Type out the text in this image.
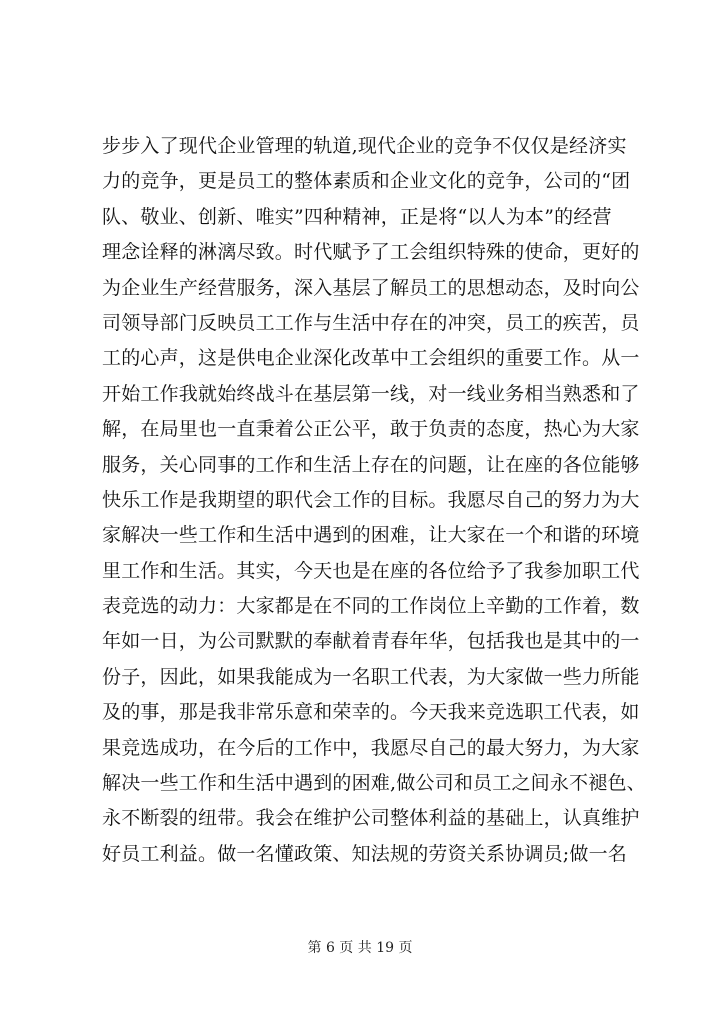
步步入了现代企业管理的轨道,现代企业的竞争不仅仅是经济实
力的竞争，更是员工的整体素质和企业文化的竞争，公司的“团
队、敬业、创新、唯实”四种精神，正是将“以人为本”的经营
理念诠释的淋漓尽致。时代赋予了工会组织特殊的使命，更好的
为企业生产经营服务，深入基层了解员工的思想动态，及时向公
司领导部门反映员工工作与生活中存在的冲突，员工的疾苦，员
工的心声，这是供电企业深化改革中工会组织的重要工作。从一
开始工作我就始终战斗在基层第一线，对一线业务相当熟悉和了
解，在局里也一直秉着公正公平，敢于负责的态度，热心为大家
服务，关心同事的工作和生活上存在的问题，让在座的各位能够
快乐工作是我期望的职代会工作的目标。我愿尽自己的努力为大
家解决一些工作和生活中遇到的困难，让大家在一个和谐的环境
里工作和生活。其实，今天也是在座的各位给予了我参加职工代
表竞选的动力：大家都是在不同的工作岗位上辛勤的工作着，数
年如一日，为公司默默的奉献着青春年华，包括我也是其中的一
份子，因此，如果我能成为一名职工代表，为大家做一些力所能
及的事，那是我非常乐意和荣幸的。今天我来竞选职工代表，如
果竞选成功，在今后的工作中，我愿尽自己的最大努力，为大家
解决一些工作和生活中遇到的困难,做公司和员工之间永不褪色、
永不断裂的纽带。我会在维护公司整体利益的基础上，认真维护
好员工利益。做一名懂政策、知法规的劳资关系协调员;做一名
第 6 页 共 19 页
